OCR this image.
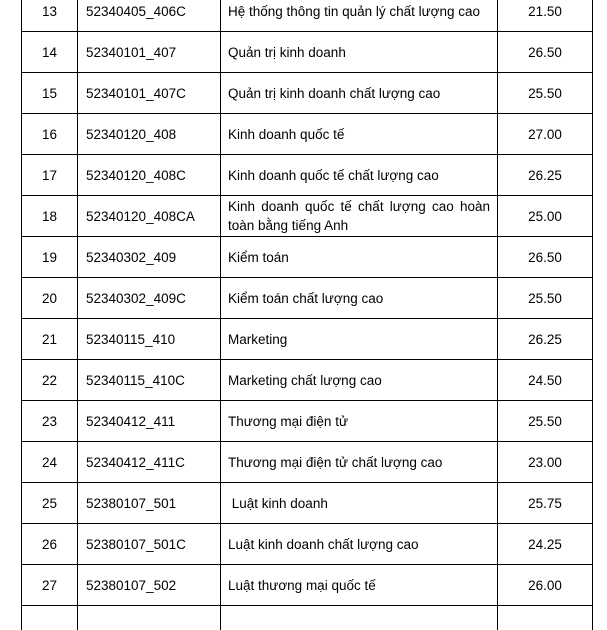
13	52340405_406C	Hệ thống thông tin quản lý chất lượng cao	21.50
14	52340101_407	Quản trị kinh doanh	26.50
15	52340101_407C	Quản trị kinh doanh chất lượng cao	25.50
16	52340120_408	Kinh doanh quốc tế	27.00
17	52340120_408C	Kinh doanh quốc tế chất lượng cao	26.25
18	52340120_408CA	Kinh doanh quốc tế chất lượng cao hoàn toàn bằng tiếng Anh	25.00
19	52340302_409	Kiểm toán	26.50
20	52340302_409C	Kiểm toán chất lượng cao	25.50
21	52340115_410	Marketing	26.25
22	52340115_410C	Marketing chất lượng cao	24.50
23	52340412_411	Thương mại điện tử	25.50
24	52340412_411C	Thương mại điện tử chất lượng cao	23.00
25	52380107_501	Luật kinh doanh	25.75
26	52380107_501C	Luật kinh doanh chất lượng cao	24.25
27	52380107_502	Luật thương mại quốc tế	26.00
